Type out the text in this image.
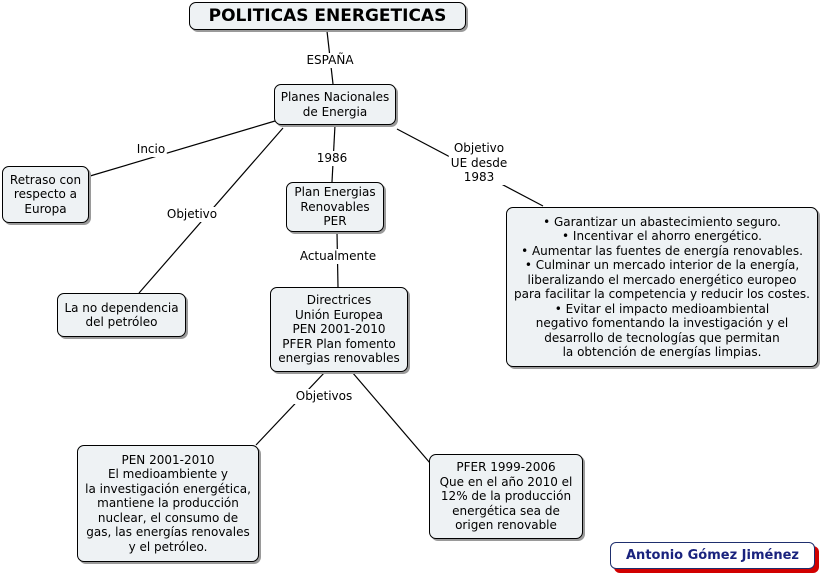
POLITICAS ENERGETICAS
Planes Nacionales
de Energia
Retraso con
respecto a
Europa
La no dependencia
del petróleo
Plan Energias
Renovables
PER	• Garantizar un abastecimiento seguro.
• Incentivar el ahorro energético.
• Aumentar las fuentes de energía renovables.
• Culminar un mercado interior de la energía,
liberalizando el mercado energético europeo
para facilitar la competencia y reducir los costes.
• Evitar el impacto medioambiental
negativo fomentando la investigación y el
desarrollo de tecnologías que permitan
la obtención de energías limpias.
Directrices
Unión Europea
PEN 2001-2010
PFER Plan fomento
energias renovables
PEN 2001-2010
El medioambiente y
la investigación energética,
mantiene la producción
nuclear, el consumo de
gas, las energías renovales
y el petróleo.
PFER 1999-2006
Que en el año 2010 el
12% de la producción
energética sea de
origen renovable
ESPAÑA
Incio
Objetivo
1986
Objetivo
UE desde
1983
Actualmente
Objetivos
Antonio Gómez Jiménez
